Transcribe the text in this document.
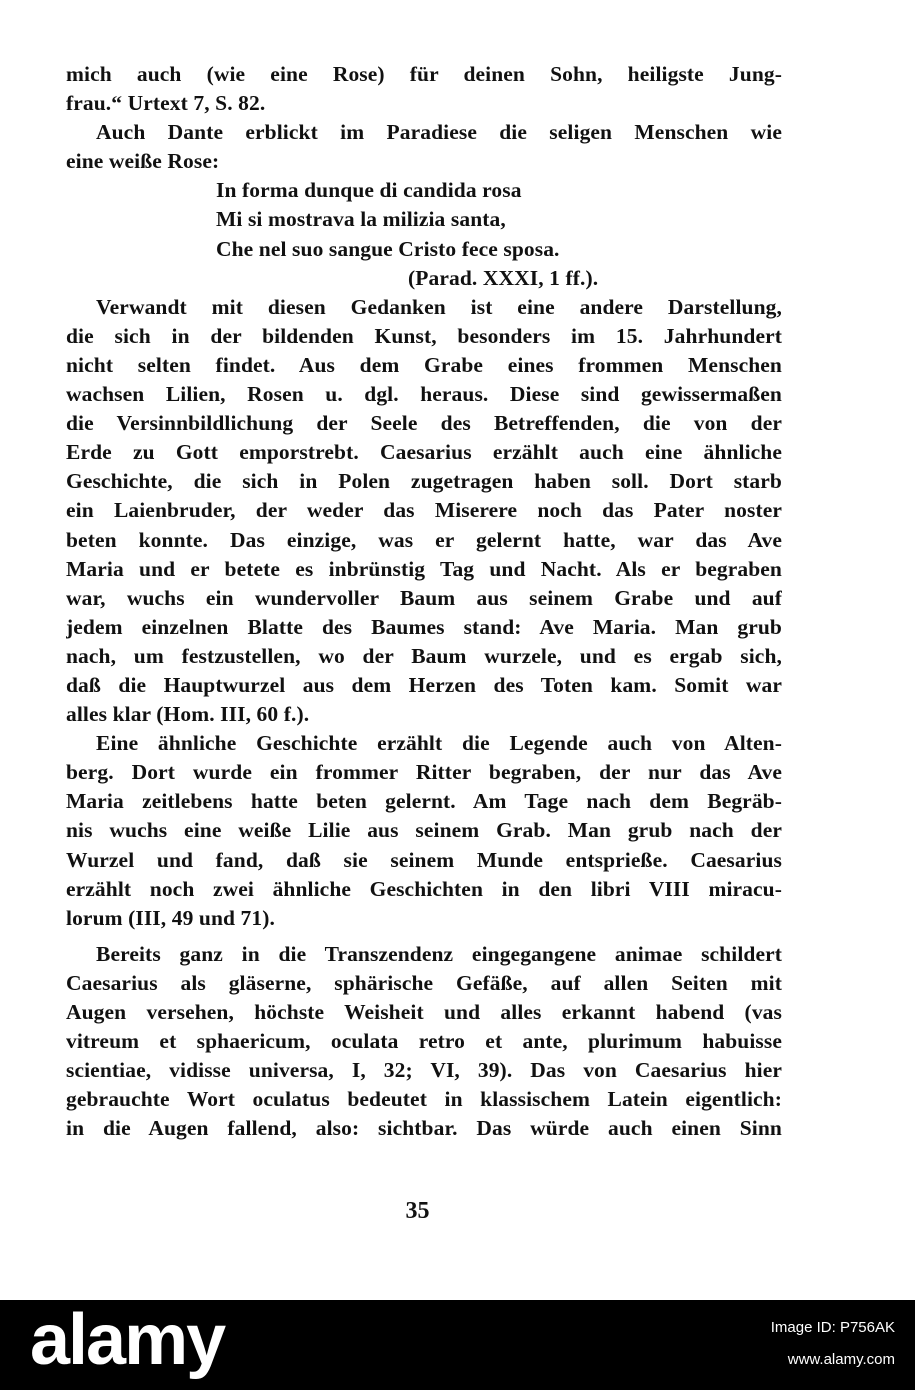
mich auch (wie eine Rose) für deinen Sohn, heiligste Jung-
frau.“ Urtext 7, S. 82.
Auch Dante erblickt im Paradiese die seligen Menschen wie
eine weiße Rose:
In forma dunque di candida rosa
Mi si mostrava la milizia santa,
Che nel suo sangue Cristo fece sposa.
(Parad. XXXI, 1 ff.).
Verwandt mit diesen Gedanken ist eine andere Darstellung,
die sich in der bildenden Kunst, besonders im 15. Jahrhundert
nicht selten findet. Aus dem Grabe eines frommen Menschen
wachsen Lilien, Rosen u. dgl. heraus. Diese sind gewissermaßen
die Versinnbildlichung der Seele des Betreffenden, die von der
Erde zu Gott emporstrebt. Caesarius erzählt auch eine ähnliche
Geschichte, die sich in Polen zugetragen haben soll. Dort starb
ein Laienbruder, der weder das Miserere noch das Pater noster
beten konnte. Das einzige, was er gelernt hatte, war das Ave
Maria und er betete es inbrünstig Tag und Nacht. Als er begraben
war, wuchs ein wundervoller Baum aus seinem Grabe und auf
jedem einzelnen Blatte des Baumes stand: Ave Maria. Man grub
nach, um festzustellen, wo der Baum wurzele, und es ergab sich,
daß die Hauptwurzel aus dem Herzen des Toten kam. Somit war
alles klar (Hom. III, 60 f.).
Eine ähnliche Geschichte erzählt die Legende auch von Alten-
berg. Dort wurde ein frommer Ritter begraben, der nur das Ave
Maria zeitlebens hatte beten gelernt. Am Tage nach dem Begräb-
nis wuchs eine weiße Lilie aus seinem Grab. Man grub nach der
Wurzel und fand, daß sie seinem Munde entsprieße. Caesarius
erzählt noch zwei ähnliche Geschichten in den libri VIII miracu-
lorum (III, 49 und 71).
Bereits ganz in die Transzendenz eingegangene animae schildert
Caesarius als gläserne, sphärische Gefäße, auf allen Seiten mit
Augen versehen, höchste Weisheit und alles erkannt habend (vas
vitreum et sphaericum, oculata retro et ante, plurimum habuisse
scientiae, vidisse universa, I, 32; VI, 39). Das von Caesarius hier
gebrauchte Wort oculatus bedeutet in klassischem Latein eigentlich:
in die Augen fallend, also: sichtbar. Das würde auch einen Sinn
35
alamy	Image ID: P756AK
www.alamy.com
